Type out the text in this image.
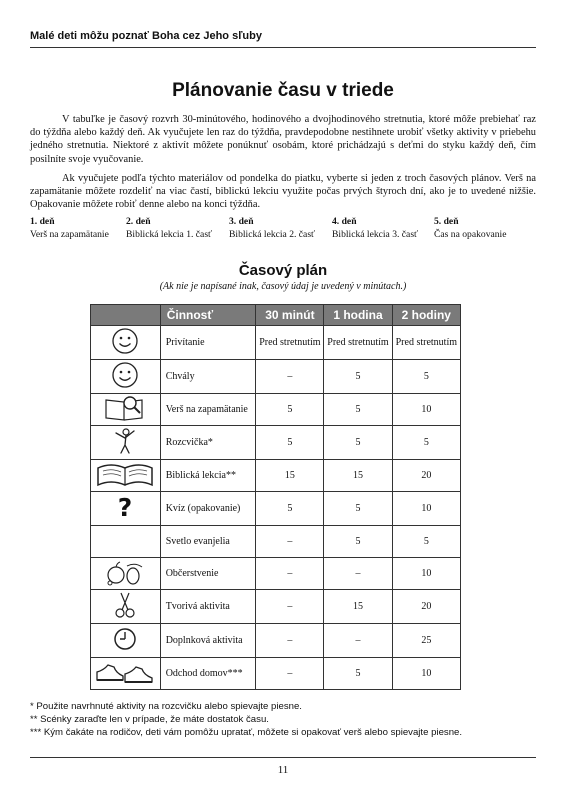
Malé deti môžu poznať Boha cez Jeho sľuby
Plánovanie času v triede

V tabuľke je časový rozvrh 30-minútového, hodinového a dvojhodinového stretnutia, ktoré môže prebiehať raz do týždňa alebo každý deň. Ak vyučujete len raz do týždňa, pravdepodobne nestihnete urobiť všetky aktivity v priebehu jedného stretnutia. Niektoré z aktivít môžete ponúknuť osobám, ktoré prichádzajú s deťmi do styku každý deň, čím posilníte svoje vyučovanie.

Ak vyučujete podľa týchto materiálov od pondelka do piatku, vyberte si jeden z troch časových plánov. Verš na zapamätanie môžete rozdeliť na viac častí, biblickú lekciu využite počas prvých štyroch dní, ako je to uvedené nižšie. Opakovanie môžete robiť denne alebo na konci týždňa.

1. deň
Verš na zapamätanie
2. deň
Biblická lekcia 1. časť
3. deň
Biblická lekcia 2. časť
4. deň
Biblická lekcia 3. časť
5. deň
Čas na opakovanie
Časový plán
(Ak nie je napísané inak, časový údaj je uvedený v minútach.)
	Činnosť	30 minút	1 hodina	2 hodiny
	Privítanie	Pred stretnutím	Pred stretnutím	Pred stretnutím
	Chvály	–	5	5
	Verš na zapamätanie	5	5	10
	Rozcvička*	5	5	5
	Biblická lekcia**	15	15	20

?	Kvíz (opakovanie)	5	5	10
	Svetlo evanjelia	–	5	5
	Občerstvenie	–	–	10
	Tvorivá aktivita	–	15	20
	Doplnková aktivita	–	–	25
	Odchod domov***	–	5	10
* Použite navrhnuté aktivity na rozcvičku alebo spievajte piesne.
** Scénky zaraďte len v prípade, že máte dostatok času.
*** Kým čakáte na rodičov, deti vám pomôžu upratať, môžete si opakovať verš alebo spievajte piesne.
11
